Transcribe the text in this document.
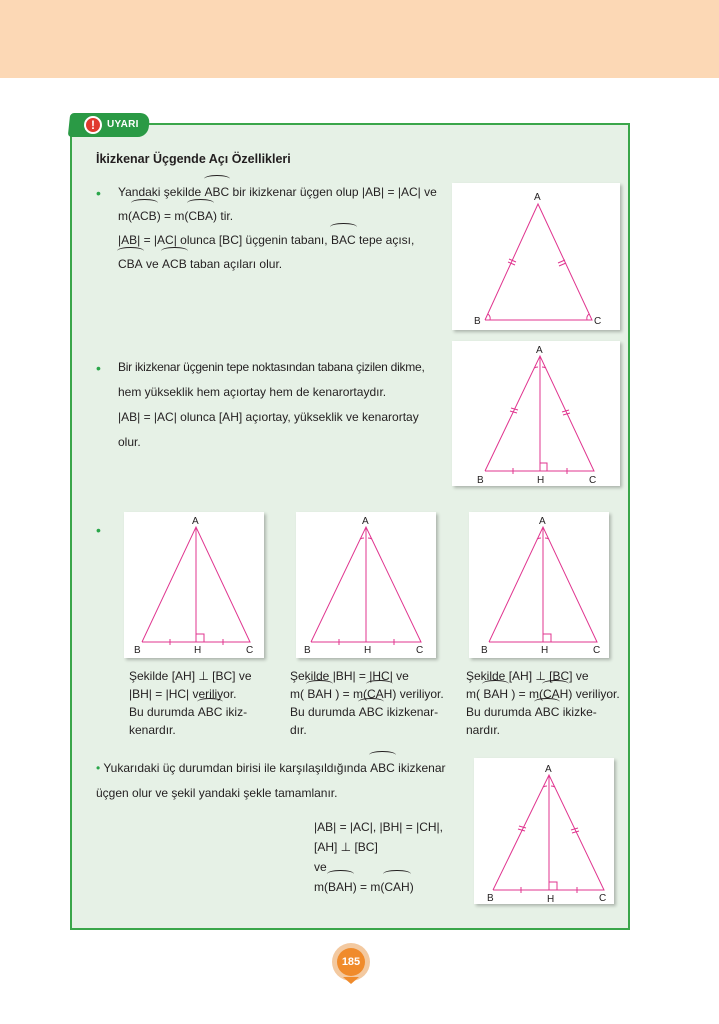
!	UYARI
İkizkenar Üçgende Açı Özellikleri
• Yandaki şekilde ABC bir ikizkenar üçgen olup |AB| = |AC| ve
m(ACB) = m(CBA) tir.
|AB| = |AC| olunca [BC] üçgenin tabanı, BAC tepe açısı,
CBA ve ACB taban açıları olur.
A
B	C
• Bir ikizkenar üçgenin tepe noktasından tabana çizilen dikme,
hem yükseklik hem açıortay hem de kenarortaydır.
|AB| = |AC| olunca [AH] açıortay, yükseklik ve kenarortay
olur.
A
B	H	C
•
A
B	H	C
A
B	H	C
A
B	H	C
Şekilde [AH] ⊥ [BC] ve
|BH| = |HC| veriliyor.
Bu durumda ABC ikiz-
kenardır.
Şekilde |BH| = |HC| ve
m( BAH ) = m(CAH) veriliyor.
Bu durumda ABC ikizkenar-
dır.
Şekilde [AH] ⊥ [BC] ve
m( BAH ) = m(CAH) veriliyor.
Bu durumda ABC ikizke-
nardır.
• Yukarıdaki üç durumdan birisi ile karşılaşıldığında ABC ikizkenar
üçgen olur ve şekil yandaki şekle tamamlanır.
|AB| = |AC|, |BH| = |CH|,
[AH] ⊥ [BC]
ve
m(BAH) = m(CAH)
A
B	H	C
185
